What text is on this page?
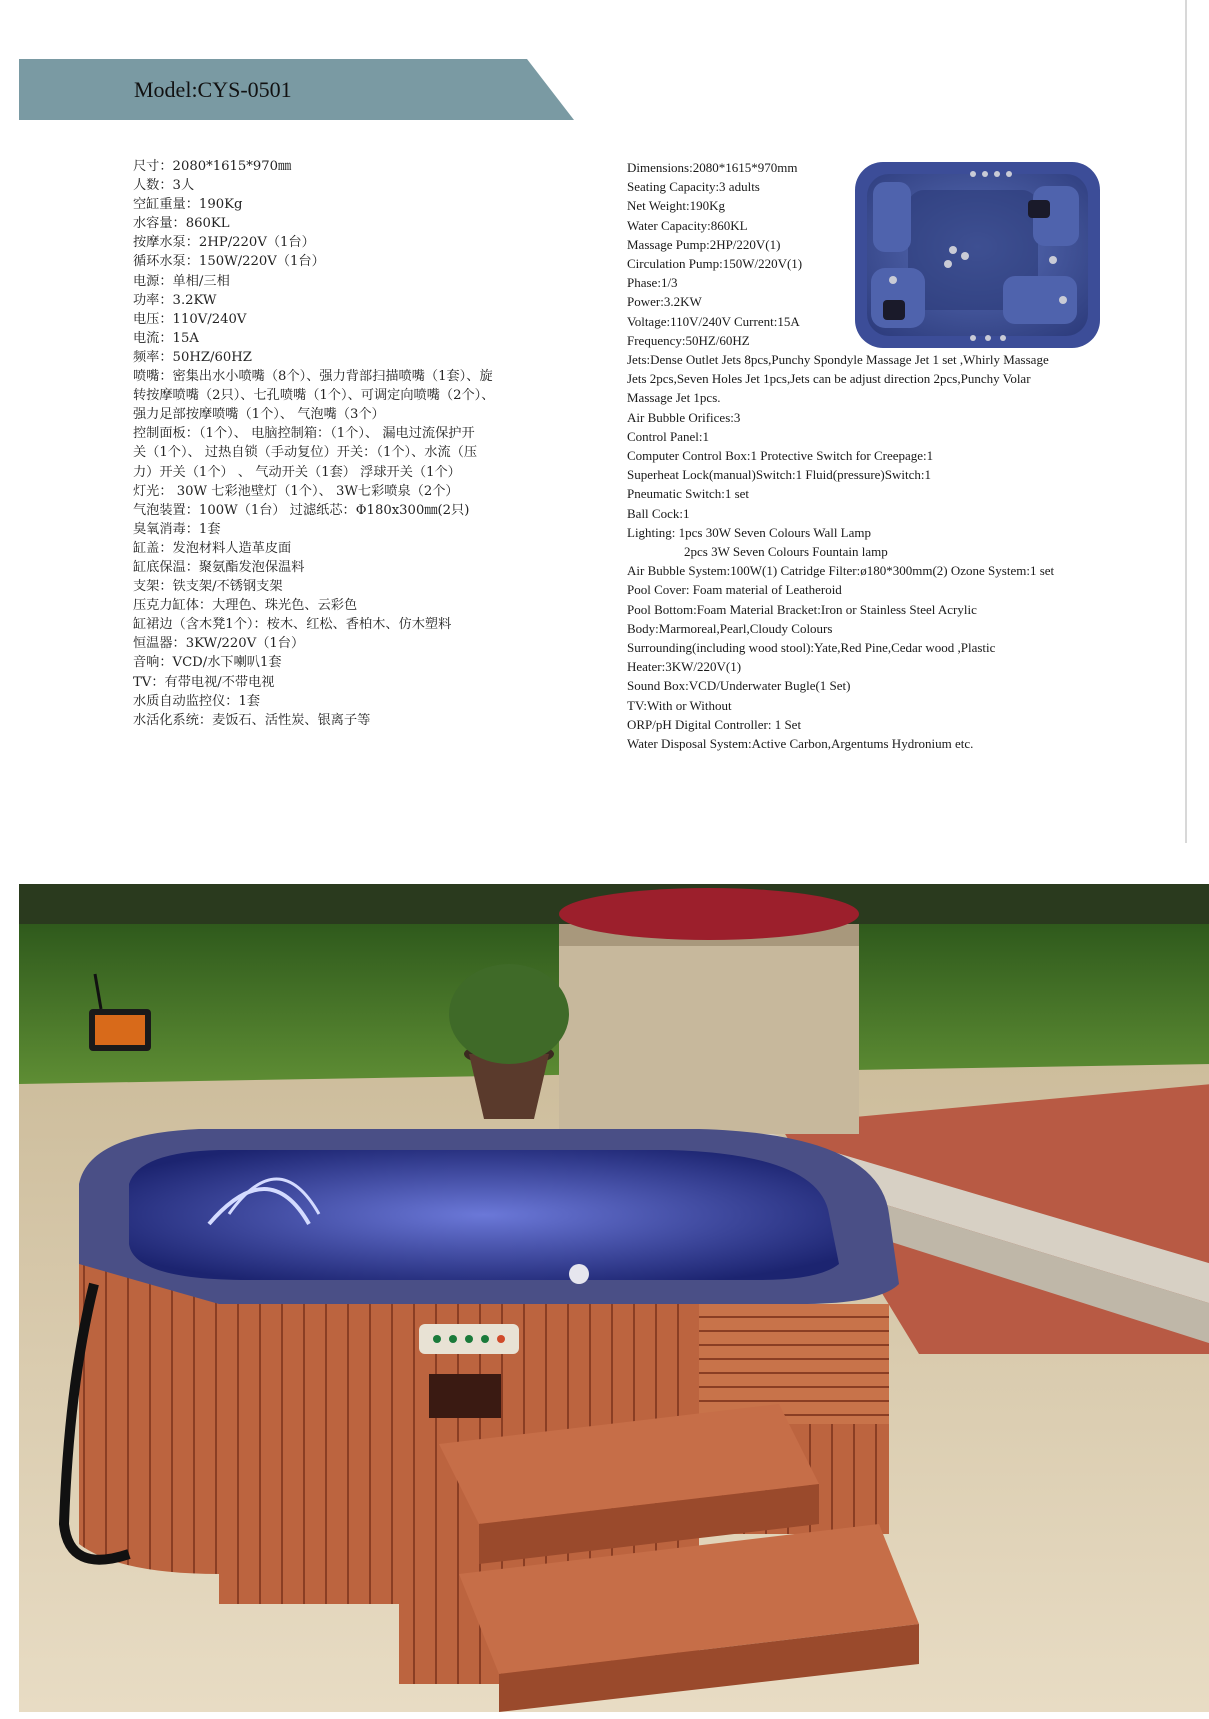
Model:CYS-0501
尺寸：2080*1615*970㎜
人数：3人
空缸重量：190Kg
水容量：860KL
按摩水泵：2HP/220V（1台）
循环水泵：150W/220V（1台）
电源：单相/三相
功率：3.2KW
电压：110V/240V
电流：15A
频率：50HZ/60HZ
喷嘴：密集出水小喷嘴（8个）、强力背部扫描喷嘴（1套）、旋
转按摩喷嘴（2只）、七孔喷嘴（1个）、可调定向喷嘴（2个）、
强力足部按摩喷嘴（1个）、 气泡嘴（3个）
控制面板：（1个）、 电脑控制箱：（1个）、 漏电过流保护开
关（1个）、 过热自锁（手动复位）开关：（1个）、水流（压
力）开关（1个） 、 气动开关（1套） 浮球开关（1个）
灯光： 30W 七彩池壁灯（1个）、 3W七彩喷泉（2个）
气泡装置：100W（1台） 过滤纸芯：Φ180x300㎜(2只)
臭氧消毒：1套
缸盖：发泡材料人造革皮面
缸底保温：聚氨酯发泡保温料
支架：铁支架/不锈钢支架
压克力缸体：大理色、珠光色、云彩色
缸裙边（含木凳1个）：桉木、红松、香柏木、仿木塑料
恒温器：3KW/220V（1台）
音响：VCD/水下喇叭1套
TV：有带电视/不带电视
水质自动监控仪：1套
水活化系统：麦饭石、活性炭、银离子等
Dimensions:2080*1615*970mm
Seating Capacity:3 adults
Net Weight:190Kg
Water Capacity:860KL
Massage Pump:2HP/220V(1)
Circulation Pump:150W/220V(1)
Phase:1/3
Power:3.2KW
Voltage:110V/240V Current:15A
Frequency:50HZ/60HZ
Jets:Dense Outlet Jets 8pcs,Punchy Spondyle Massage Jet 1 set ,Whirly Massage
Jets 2pcs,Seven Holes Jet 1pcs,Jets can be adjust direction 2pcs,Punchy Volar
Massage Jet 1pcs.
Air Bubble Orifices:3
Control Panel:1
Computer Control Box:1 Protective Switch for Creepage:1
Superheat Lock(manual)Switch:1 Fluid(pressure)Switch:1
Pneumatic Switch:1 set
Ball Cock:1
Lighting: 1pcs 30W Seven Colours Wall Lamp
2pcs 3W Seven Colours Fountain lamp
Air Bubble System:100W(1) Catridge Filter:ø180*300mm(2) Ozone System:1 set
Pool Cover: Foam material of Leatheroid
Pool Bottom:Foam Material Bracket:Iron or Stainless Steel Acrylic
Body:Marmoreal,Pearl,Cloudy Colours
Surrounding(including wood stool):Yate,Red Pine,Cedar wood ,Plastic
Heater:3KW/220V(1)
Sound Box:VCD/Underwater Bugle(1 Set)
TV:With or Without
ORP/pH Digital Controller: 1 Set
Water Disposal System:Active Carbon,Argentums Hydronium etc.
